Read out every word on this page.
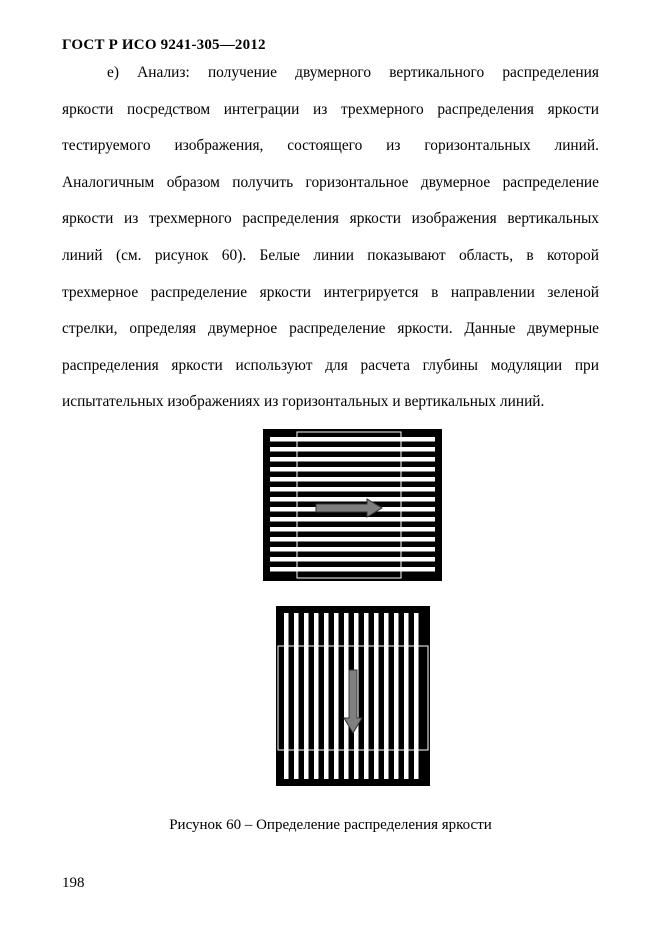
ГОСТ Р ИСО 9241-305—2012
е) Анализ: получение двумерного вертикального распределения
яркости посредством интеграции из трехмерного распределения яркости
тестируемого изображения, состоящего из горизонтальных линий.
Аналогичным образом получить горизонтальное двумерное распределение
яркости из трехмерного распределения яркости изображения вертикальных
линий (см. рисунок 60). Белые линии показывают область, в которой
трехмерное распределение яркости интегрируется в направлении зеленой
стрелки, определяя двумерное распределение яркости. Данные двумерные
распределения яркости используют для расчета глубины модуляции при
испытательных изображениях из горизонтальных и вертикальных линий.
Рисунок 60 – Определение распределения яркости
198
